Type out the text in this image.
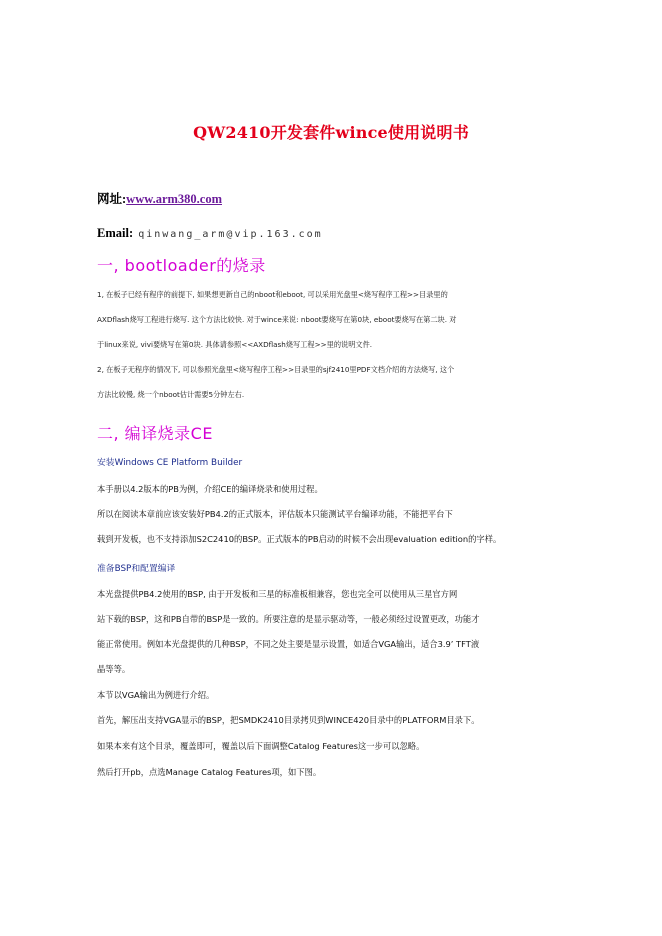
QW2410开发套件wince使用说明书
网址:www.arm380.com
Email: qinwang_arm@vip.163.com
一, bootloader的烧录
1, 在板子已经有程序的前提下, 如果想更新自己的nboot和eboot, 可以采用光盘里<烧写程序工程>>目录里的
AXDflash烧写工程进行烧写. 这个方法比较快. 对于wince来说: nboot要烧写在第0块, eboot要烧写在第二块. 对
于linux来说, vivi要烧写在第0块. 具体请参照<<AXDflash烧写工程>>里的说明文件.
2, 在板子无程序的情况下, 可以参照光盘里<烧写程序工程>>目录里的sjf2410里PDF文档介绍的方法烧写, 这个
方法比较慢, 烧一个nboot估计需要5分钟左右.
二, 编译烧录CE
安装Windows CE Platform Builder
本手册以4.2版本的PB为例，介绍CE的编译烧录和使用过程。
所以在阅读本章前应该安装好PB4.2的正式版本，评估版本只能测试平台编译功能，不能把平台下
载到开发板，也不支持添加S2C2410的BSP。正式版本的PB启动的时候不会出现evaluation edition的字样。
准备BSP和配置编译
本光盘提供PB4.2使用的BSP, 由于开发板和三星的标准板相兼容，您也完全可以使用从三星官方网
站下载的BSP，这和PB自带的BSP是一致的。所要注意的是显示驱动等，一般必须经过设置更改，功能才
能正常使用。例如本光盘提供的几种BSP，不同之处主要是显示设置，如适合VGA输出，适合3.9’ TFT液
晶等等。
本节以VGA输出为例进行介绍。
首先，解压出支持VGA显示的BSP，把SMDK2410目录拷贝到WINCE420目录中的PLATFORM目录下。
如果本来有这个目录，覆盖即可，覆盖以后下面调整Catalog Features这一步可以忽略。
然后打开pb，点选Manage Catalog Features项，如下图。
